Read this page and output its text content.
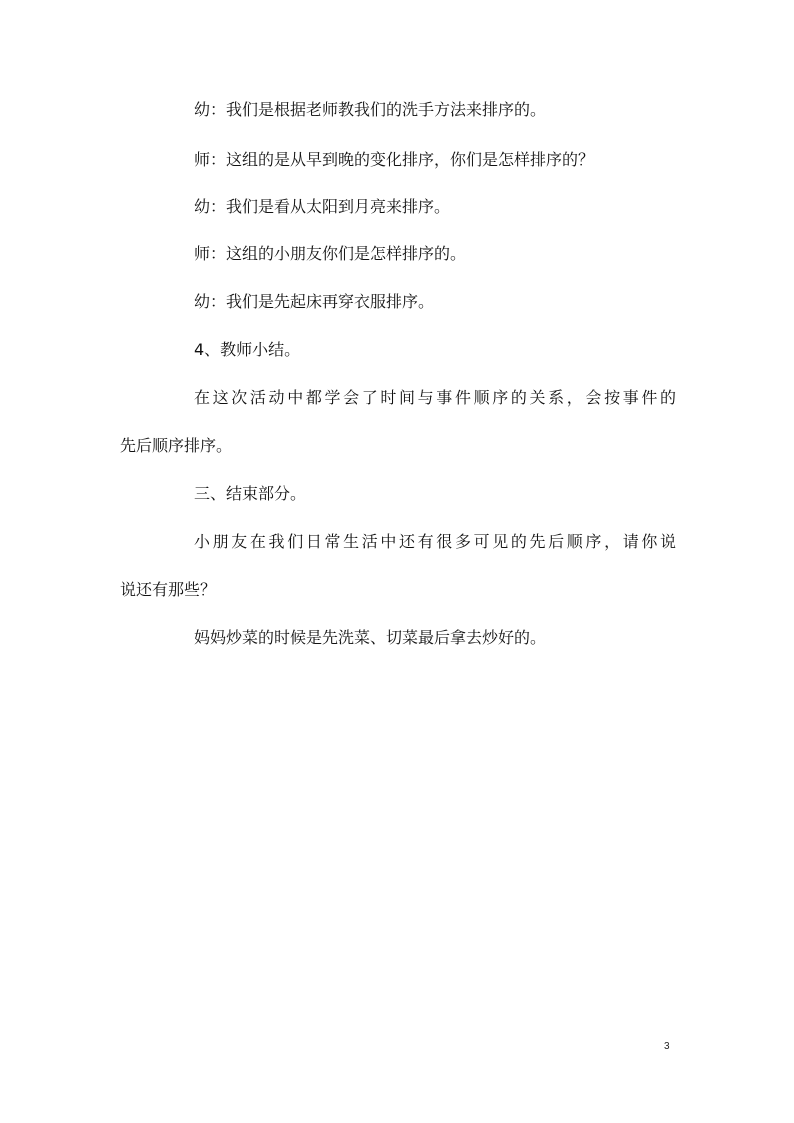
幼：我们是根据老师教我们的洗手方法来排序的。
师：这组的是从早到晚的变化排序，你们是怎样排序的？
幼：我们是看从太阳到月亮来排序。
师：这组的小朋友你们是怎样排序的。
幼：我们是先起床再穿衣服排序。
4、教师小结。
在这次活动中都学会了时间与事件顺序的关系，会按事件的
先后顺序排序。
三、结束部分。
小朋友在我们日常生活中还有很多可见的先后顺序，请你说
说还有那些？
妈妈炒菜的时候是先洗菜、切菜最后拿去炒好的。
3
